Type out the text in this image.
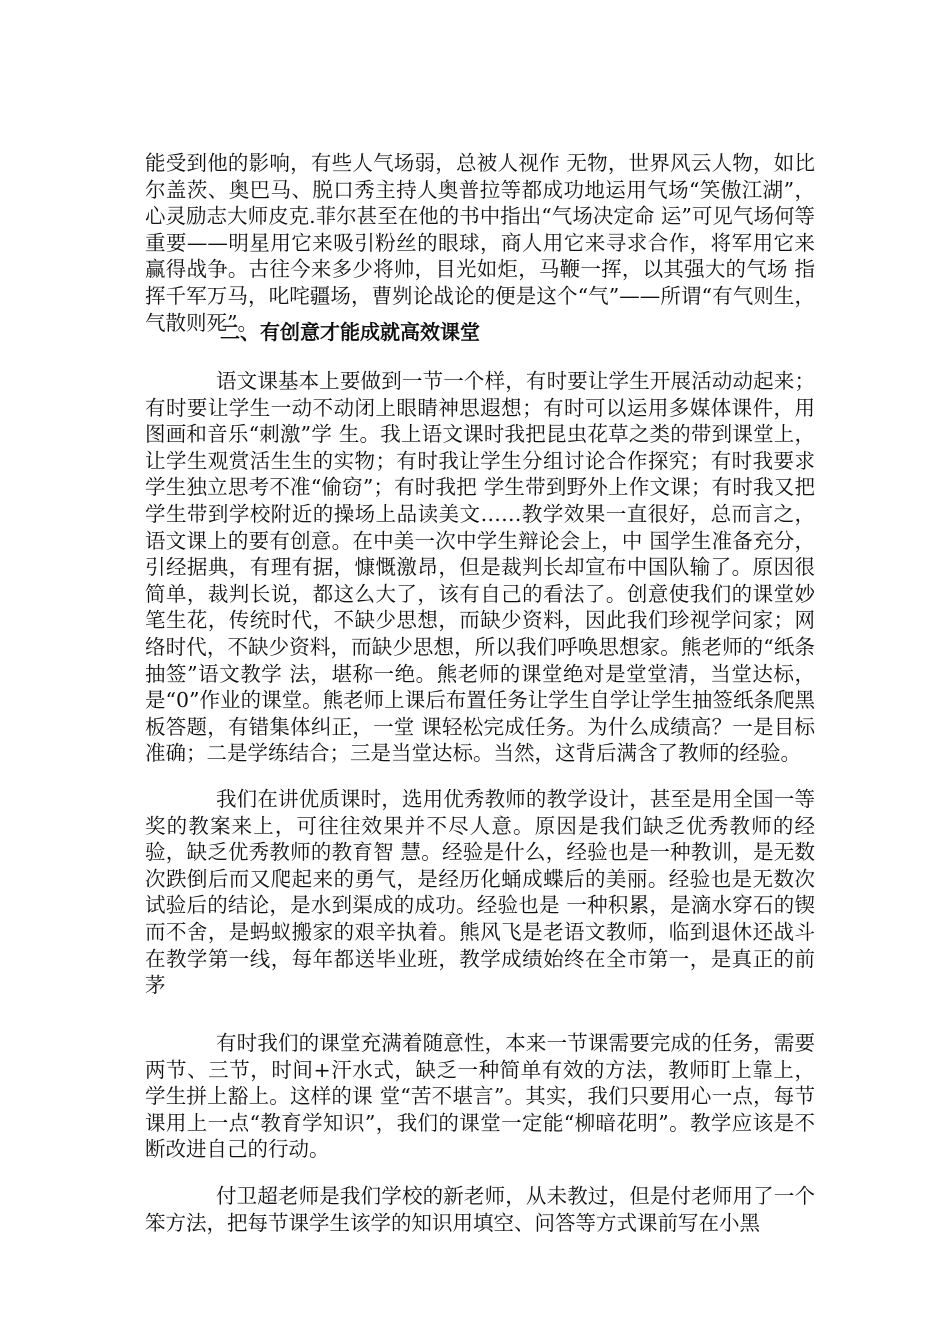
能受到他的影响，有些人气场弱，总被人视作 无物，世界风云人物，如比尔盖茨、奥巴马、脱口秀主持人奥普拉等都成功地运用气场“笑傲江湖”，心灵励志大师皮克.菲尔甚至在他的书中指出“气场决定命 运”可见气场何等重要——明星用它来吸引粉丝的眼球，商人用它来寻求合作，将军用它来赢得战争。古往今来多少将帅，目光如炬，马鞭一挥，以其强大的气场 指挥千军万马，叱咤疆场，曹刿论战论的便是这个“气”——所谓“有气则生，气散则死”。

二、有创意才能成就高效课堂

语文课基本上要做到一节一个样，有时要让学生开展活动动起来；有时要让学生一动不动闭上眼睛神思遐想；有时可以运用多媒体课件，用图画和音乐“刺激”学 生。我上语文课时我把昆虫花草之类的带到课堂上，让学生观赏活生生的实物；有时我让学生分组讨论合作探究；有时我要求学生独立思考不准“偷窃”；有时我把 学生带到野外上作文课；有时我又把学生带到学校附近的操场上品读美文……教学效果一直很好，总而言之，语文课上的要有创意。在中美一次中学生辩论会上，中 国学生准备充分，引经据典，有理有据，慷慨激昂，但是裁判长却宣布中国队输了。原因很简单，裁判长说，都这么大了，该有自己的看法了。创意使我们的课堂妙 笔生花，传统时代，不缺少思想，而缺少资料，因此我们珍视学问家；网络时代，不缺少资料，而缺少思想，所以我们呼唤思想家。熊老师的“纸条抽签”语文教学 法，堪称一绝。熊老师的课堂绝对是堂堂清，当堂达标，是“0”作业的课堂。熊老师上课后布置任务让学生自学让学生抽签纸条爬黑板答题，有错集体纠正，一堂 课轻松完成任务。为什么成绩高？一是目标准确；二是学练结合；三是当堂达标。当然，这背后满含了教师的经验。

我们在讲优质课时，选用优秀教师的教学设计，甚至是用全国一等奖的教案来上，可往往效果并不尽人意。原因是我们缺乏优秀教师的经验，缺乏优秀教师的教育智 慧。经验是什么，经验也是一种教训，是无数次跌倒后而又爬起来的勇气，是经历化蛹成蝶后的美丽。经验也是无数次试验后的结论，是水到渠成的成功。经验也是 一种积累，是滴水穿石的锲而不舍，是蚂蚁搬家的艰辛执着。熊风飞是老语文教师，临到退休还战斗在教学第一线，每年都送毕业班，教学成绩始终在全市第一，是真正的前茅

有时我们的课堂充满着随意性，本来一节课需要完成的任务，需要两节、三节，时间+汗水式，缺乏一种简单有效的方法，教师盯上靠上，学生拼上豁上。这样的课 堂“苦不堪言”。其实，我们只要用心一点，每节课用上一点“教育学知识”，我们的课堂一定能“柳暗花明”。教学应该是不断改进自己的行动。

付卫超老师是我们学校的新老师，从未教过，但是付老师用了一个笨方法，把每节课学生该学的知识用填空、问答等方式课前写在小黑
